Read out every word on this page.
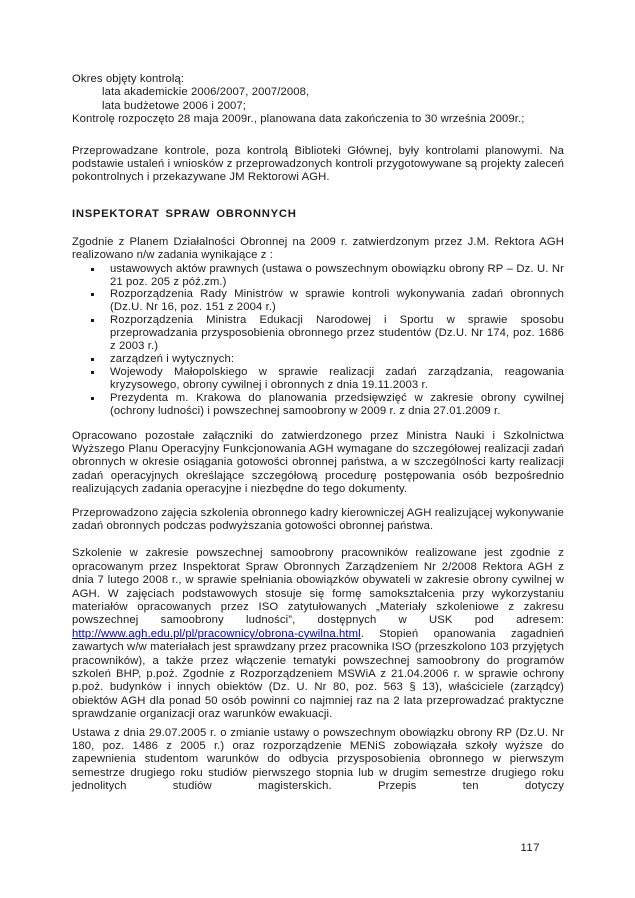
Okres objęty kontrolą:
lata akademickie 2006/2007, 2007/2008,
lata budżetowe 2006 i 2007;
Kontrolę rozpoczęto 28 maja 2009r., planowana data zakończenia to 30 września 2009r.;

Przeprowadzane kontrole, poza kontrolą Biblioteki Głównej, były kontrolami planowymi. Na podstawie ustaleń i wniosków z przeprowadzonych kontroli przygotowywane są projekty zaleceń pokontrolnych i przekazywane JM Rektorowi AGH.

INSPEKTORAT SPRAW OBRONNYCH

Zgodnie z Planem Działalności Obronnej na 2009 r. zatwierdzonym przez J.M. Rektora AGH realizowano n/w zadania wynikające z :

ustawowych aktów prawnych (ustawa o powszechnym obowiązku obrony RP – Dz. U. Nr 21 poz. 205 z póź.zm.)
Rozporządzenia Rady Ministrów w sprawie kontroli wykonywania zadań obronnych (Dz.U. Nr 16, poz. 151 z 2004 r.)
Rozporządzenia Ministra Edukacji Narodowej i Sportu w sprawie sposobu przeprowadzania przysposobienia obronnego przez studentów (Dz.U. Nr 174, poz. 1686 z 2003 r.)
zarządzeń i wytycznych:
Wojewody Małopolskiego w sprawie realizacji zadań zarządzania, reagowania kryzysowego, obrony cywilnej i obronnych z dnia 19.11.2003 r.
Prezydenta m. Krakowa do planowania przedsięwzięć w zakresie obrony cywilnej (ochrony ludności) i powszechnej samoobrony w 2009 r. z dnia 27.01.2009 r.

Opracowano pozostałe załączniki do zatwierdzonego przez Ministra Nauki i Szkolnictwa Wyższego Planu Operacyjny Funkcjonowania AGH wymagane do szczegółowej realizacji zadań obronnych w okresie osiągania gotowości obronnej państwa, a w szczególności karty realizacji zadań operacyjnych określające szczegółową procedurę postępowania osób bezpośrednio realizujących zadania operacyjne i niezbędne do tego dokumenty.

Przeprowadzono zajęcia szkolenia obronnego kadry kierowniczej AGH realizującej wykonywanie zadań obronnych podczas podwyższania gotowości obronnej państwa.

Szkolenie w zakresie powszechnej samoobrony pracowników realizowane jest zgodnie z opracowanym przez Inspektorat Spraw Obronnych Zarządzeniem Nr 2/2008 Rektora AGH z dnia 7 lutego 2008 r., w sprawie spełniania obowiązków obywateli w zakresie obrony cywilnej w AGH. W zajęciach podstawowych stosuje się formę samokształcenia przy wykorzystaniu materiałów opracowanych przez ISO zatytułowanych „Materiały szkoleniowe z zakresu powszechnej samoobrony ludności”, dostępnych w USK pod adresem: http://www.agh.edu.pl/pl/pracownicy/obrona-cywilna.html. Stopień opanowania zagadnień zawartych w/w materiałach jest sprawdzany przez pracownika ISO (przeszkolono 103 przyjętych pracowników), a także przez włączenie tematyki powszechnej samoobrony do programów szkoleń BHP, p.poż. Zgodnie z Rozporządzeniem MSWiA z 21.04.2006 r. w sprawie ochrony p.poż. budynków i innych obiektów (Dz. U. Nr 80, poz. 563 § 13), właściciele (zarządcy) obiektów AGH dla ponad 50 osób powinni co najmniej raz na 2 lata przeprowadzać praktyczne sprawdzanie organizacji oraz warunków ewakuacji.

Ustawa z dnia 29.07.2005 r. o zmianie ustawy o powszechnym obowiązku obrony RP (Dz.U. Nr 180, poz. 1486 z 2005 r.) oraz rozporządzenie MENiS zobowiązała szkoły wyższe do zapewnienia studentom warunków do odbycia przysposobienia obronnego w pierwszym semestrze drugiego roku studiów pierwszego stopnia lub w drugim semestrze drugiego roku jednolitych studiów magisterskich. Przepis ten dotyczy

117
